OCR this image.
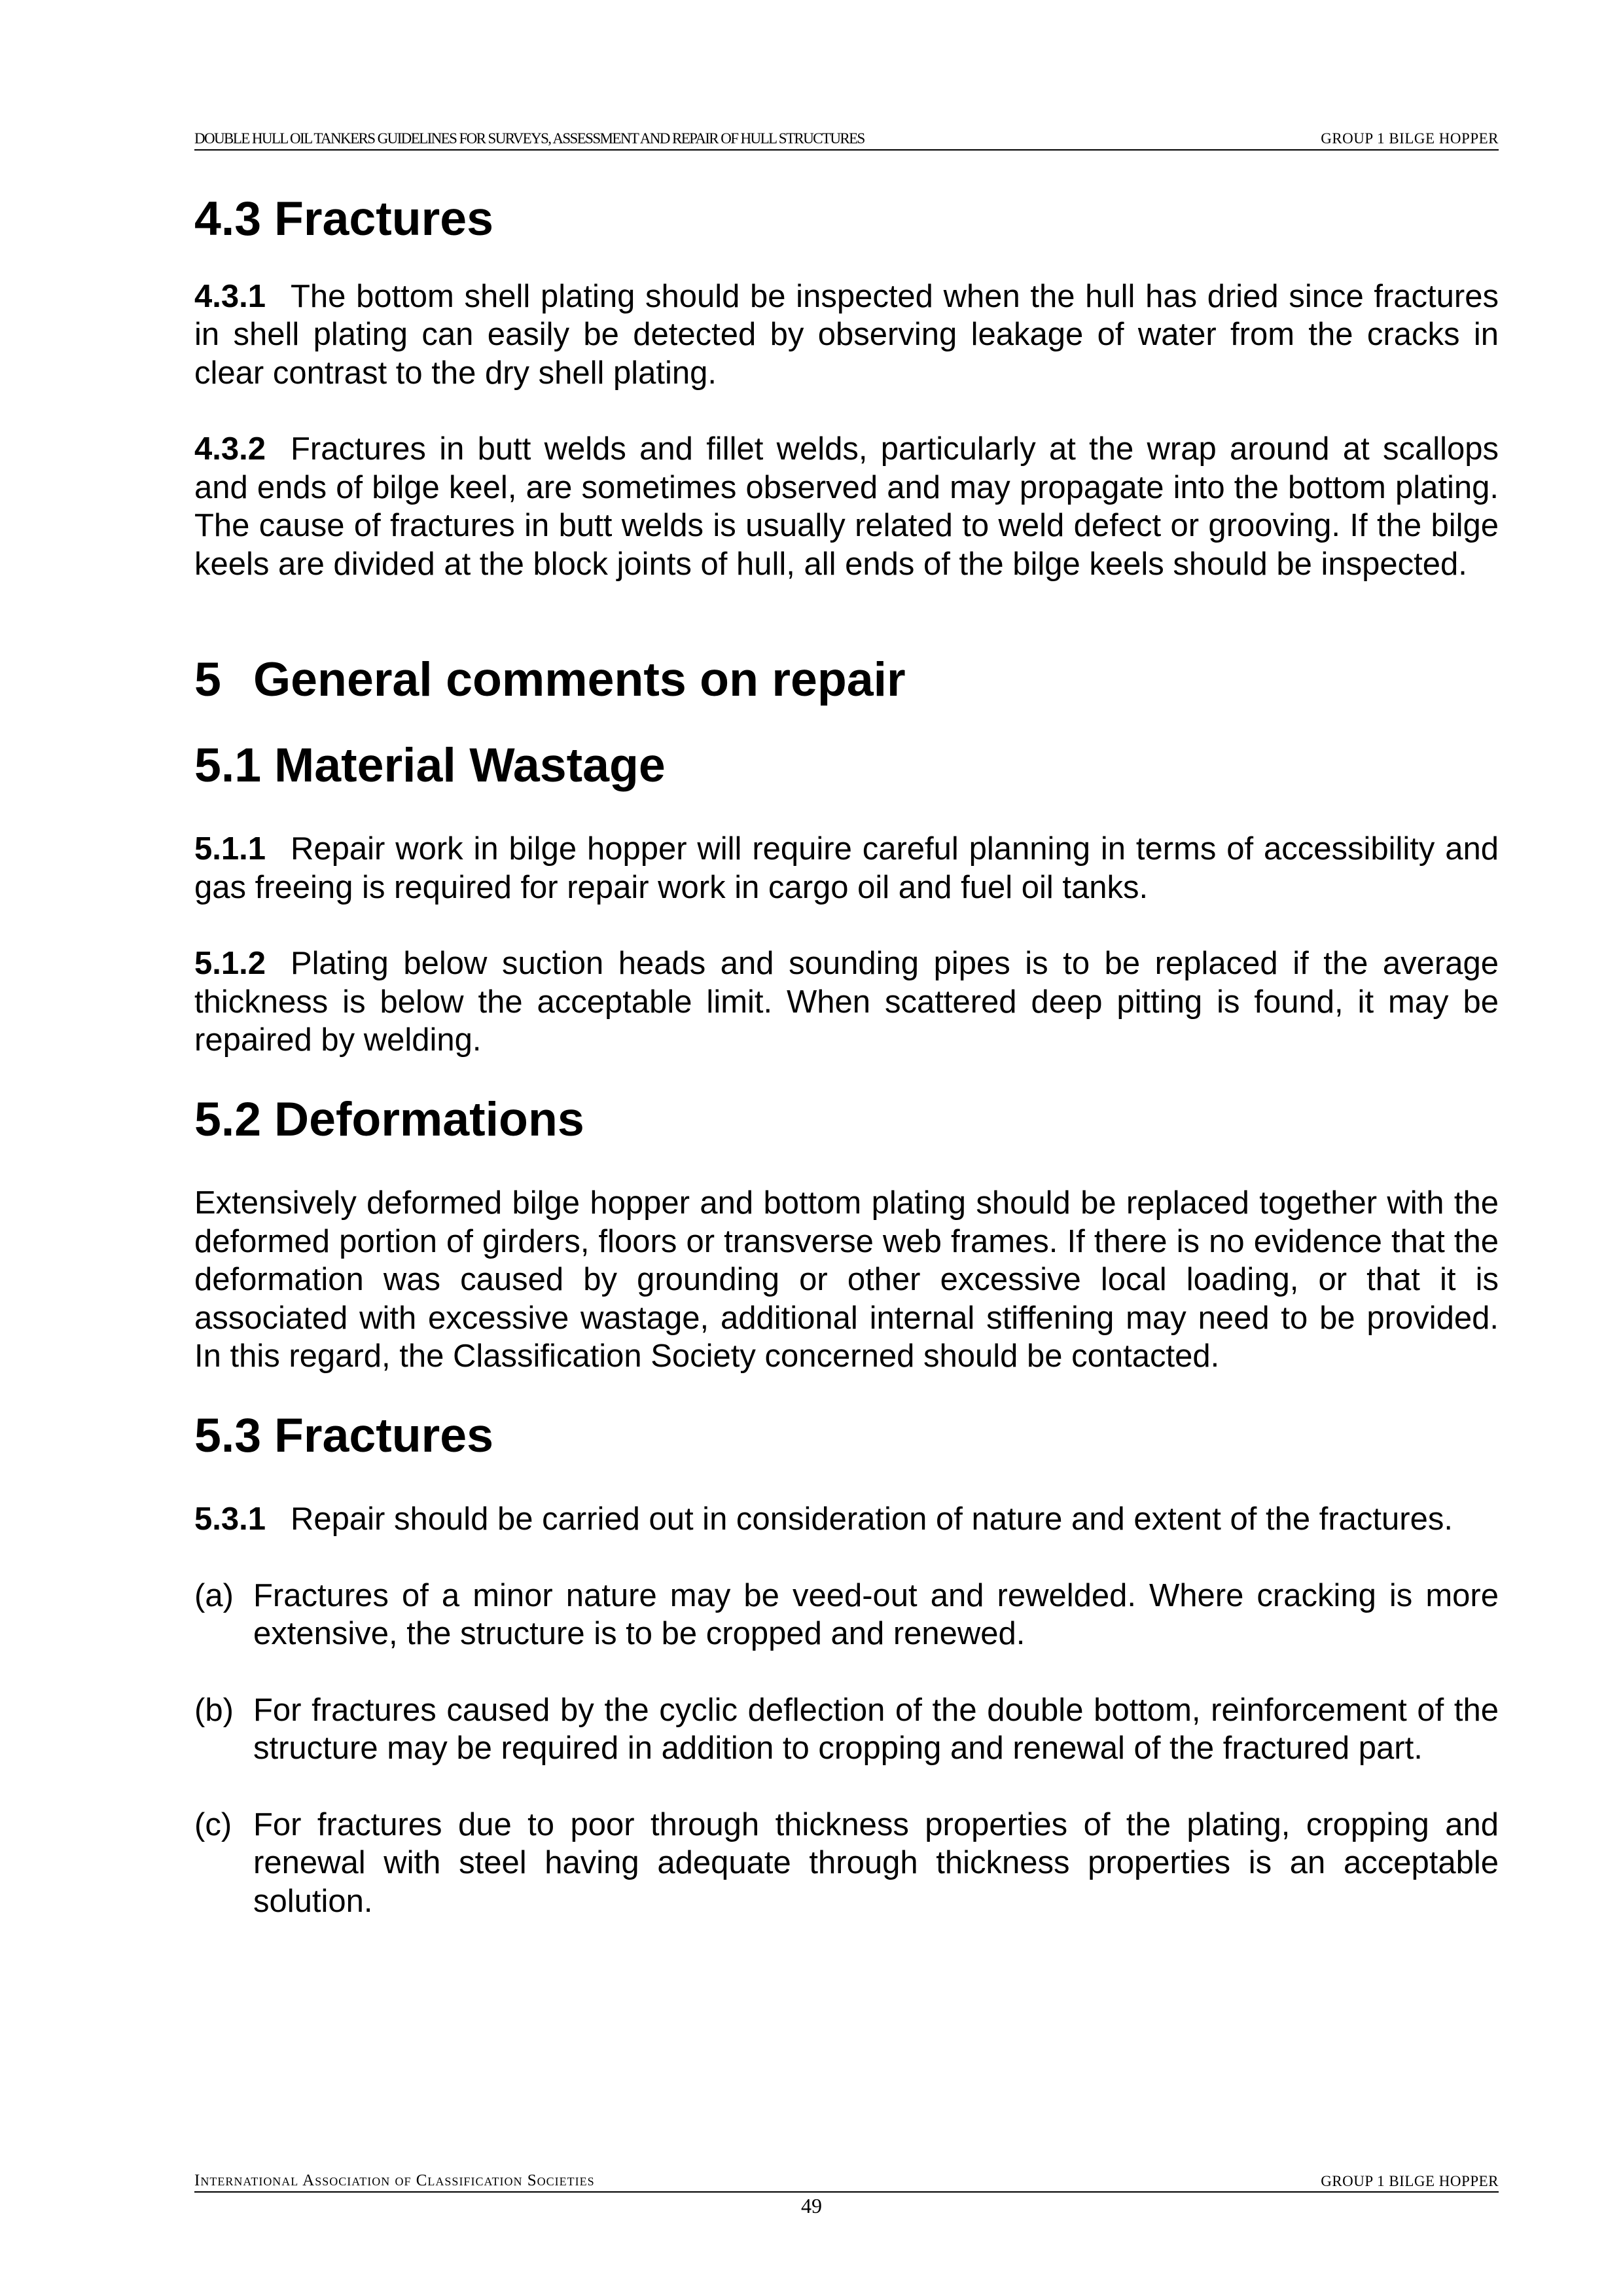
DOUBLE HULL OIL TANKERS GUIDELINES FOR SURVEYS, ASSESSMENT AND REPAIR OF HULL STRUCTURES	GROUP 1 BILGE HOPPER
4.3 Fractures

4.3.1 The bottom shell plating should be inspected when the hull has dried since fractures in shell plating can easily be detected by observing leakage of water from the cracks in clear contrast to the dry shell plating.

4.3.2 Fractures in butt welds and fillet welds, particularly at the wrap around at scallops and ends of bilge keel, are sometimes observed and may propagate into the bottom plating. The cause of fractures in butt welds is usually related to weld defect or grooving. If the bilge keels are divided at the block joints of hull, all ends of the bilge keels should be inspected.

5 General comments on repair
5.1 Material Wastage

5.1.1 Repair work in bilge hopper will require careful planning in terms of accessibility and gas freeing is required for repair work in cargo oil and fuel oil tanks.

5.1.2 Plating below suction heads and sounding pipes is to be replaced if the average thickness is below the acceptable limit. When scattered deep pitting is found, it may be repaired by welding.

5.2 Deformations

Extensively deformed bilge hopper and bottom plating should be replaced together with the deformed portion of girders, floors or transverse web frames. If there is no evidence that the deformation was caused by grounding or other excessive local loading, or that it is associated with excessive wastage, additional internal stiffening may need to be provided. In this regard, the Classification Society concerned should be contacted.

5.3 Fractures

5.3.1 Repair should be carried out in consideration of nature and extent of the fractures.

(a) Fractures of a minor nature may be veed-out and rewelded. Where cracking is more extensive, the structure is to be cropped and renewed.
(b) For fractures caused by the cyclic deflection of the double bottom, reinforcement of the structure may be required in addition to cropping and renewal of the fractured part.
(c) For fractures due to poor through thickness properties of the plating, cropping and renewal with steel having adequate through thickness properties is an acceptable solution.
International Association of Classification Societies	GROUP 1 BILGE HOPPER
49
